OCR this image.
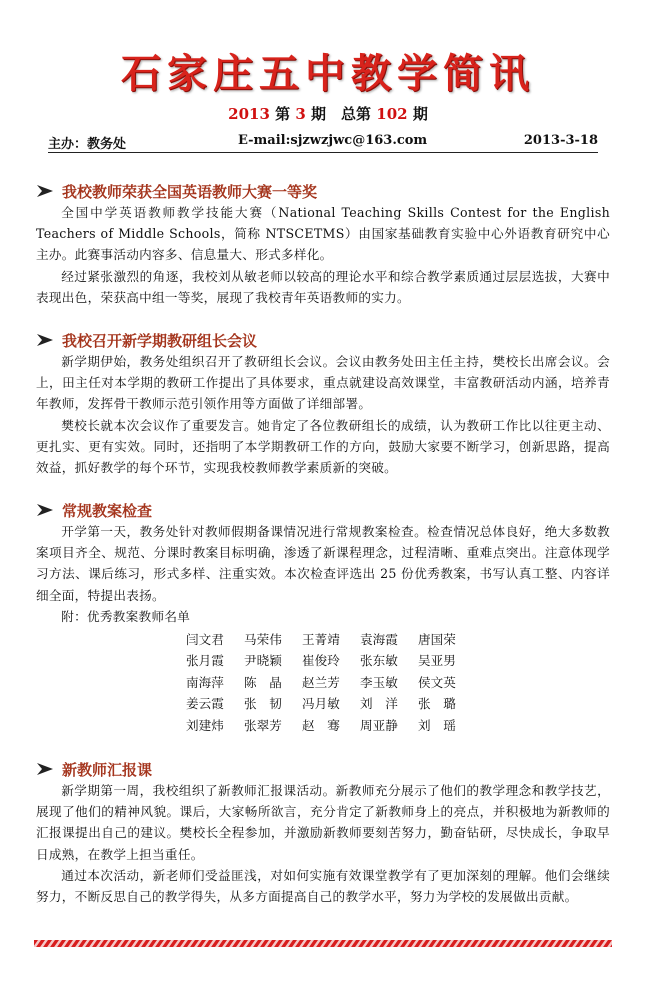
石家庄五中教学简讯
2013 第 3 期　总第 102 期
主办：教务处	E-mail:sjzwzjwc@163.com	2013-3-18
我校教师荣获全国英语教师大赛一等奖

全国中学英语教师教学技能大赛（National Teaching Skills Contest for the English Teachers of Middle Schools，简称 NTSCETMS）由国家基础教育实验中心外语教育研究中心主办。此赛事活动内容多、信息量大、形式多样化。

经过紧张激烈的角逐，我校刘从敏老师以较高的理论水平和综合教学素质通过层层选拔，大赛中表现出色，荣获高中组一等奖，展现了我校青年英语教师的实力。

我校召开新学期教研组长会议

新学期伊始，教务处组织召开了教研组长会议。会议由教务处田主任主持，樊校长出席会议。会上，田主任对本学期的教研工作提出了具体要求，重点就建设高效课堂，丰富教研活动内涵，培养青年教师，发挥骨干教师示范引领作用等方面做了详细部署。

樊校长就本次会议作了重要发言。她肯定了各位教研组长的成绩，认为教研工作比以往更主动、更扎实、更有实效。同时，还指明了本学期教研工作的方向，鼓励大家要不断学习，创新思路，提高效益，抓好教学的每个环节，实现我校教师教学素质新的突破。

常规教案检查

开学第一天，教务处针对教师假期备课情况进行常规教案检查。检查情况总体良好，绝大多数教案项目齐全、规范、分课时教案目标明确，渗透了新课程理念，过程清晰、重难点突出。注意体现学习方法、课后练习，形式多样、注重实效。本次检查评选出 25 份优秀教案，书写认真工整、内容详细全面，特提出表扬。

附：优秀教案教师名单

闫文君	马荣伟	王菁靖	袁海霞	唐国荣
张月霞	尹晓颖	崔俊玲	张东敏	吴亚男
南海萍	陈　晶	赵兰芳	李玉敏	侯文英
姜云霞	张　韧	冯月敏	刘　洋	张　璐
刘建炜	张翠芳	赵　骞	周亚静	刘　瑶
新教师汇报课

新学期第一周，我校组织了新教师汇报课活动。新教师充分展示了他们的教学理念和教学技艺，展现了他们的精神风貌。课后，大家畅所欲言，充分肯定了新教师身上的亮点，并积极地为新教师的汇报课提出自己的建议。樊校长全程参加，并激励新教师要刻苦努力，勤奋钻研，尽快成长，争取早日成熟，在教学上担当重任。

通过本次活动，新老师们受益匪浅，对如何实施有效课堂教学有了更加深刻的理解。他们会继续努力，不断反思自己的教学得失，从多方面提高自己的教学水平，努力为学校的发展做出贡献。
